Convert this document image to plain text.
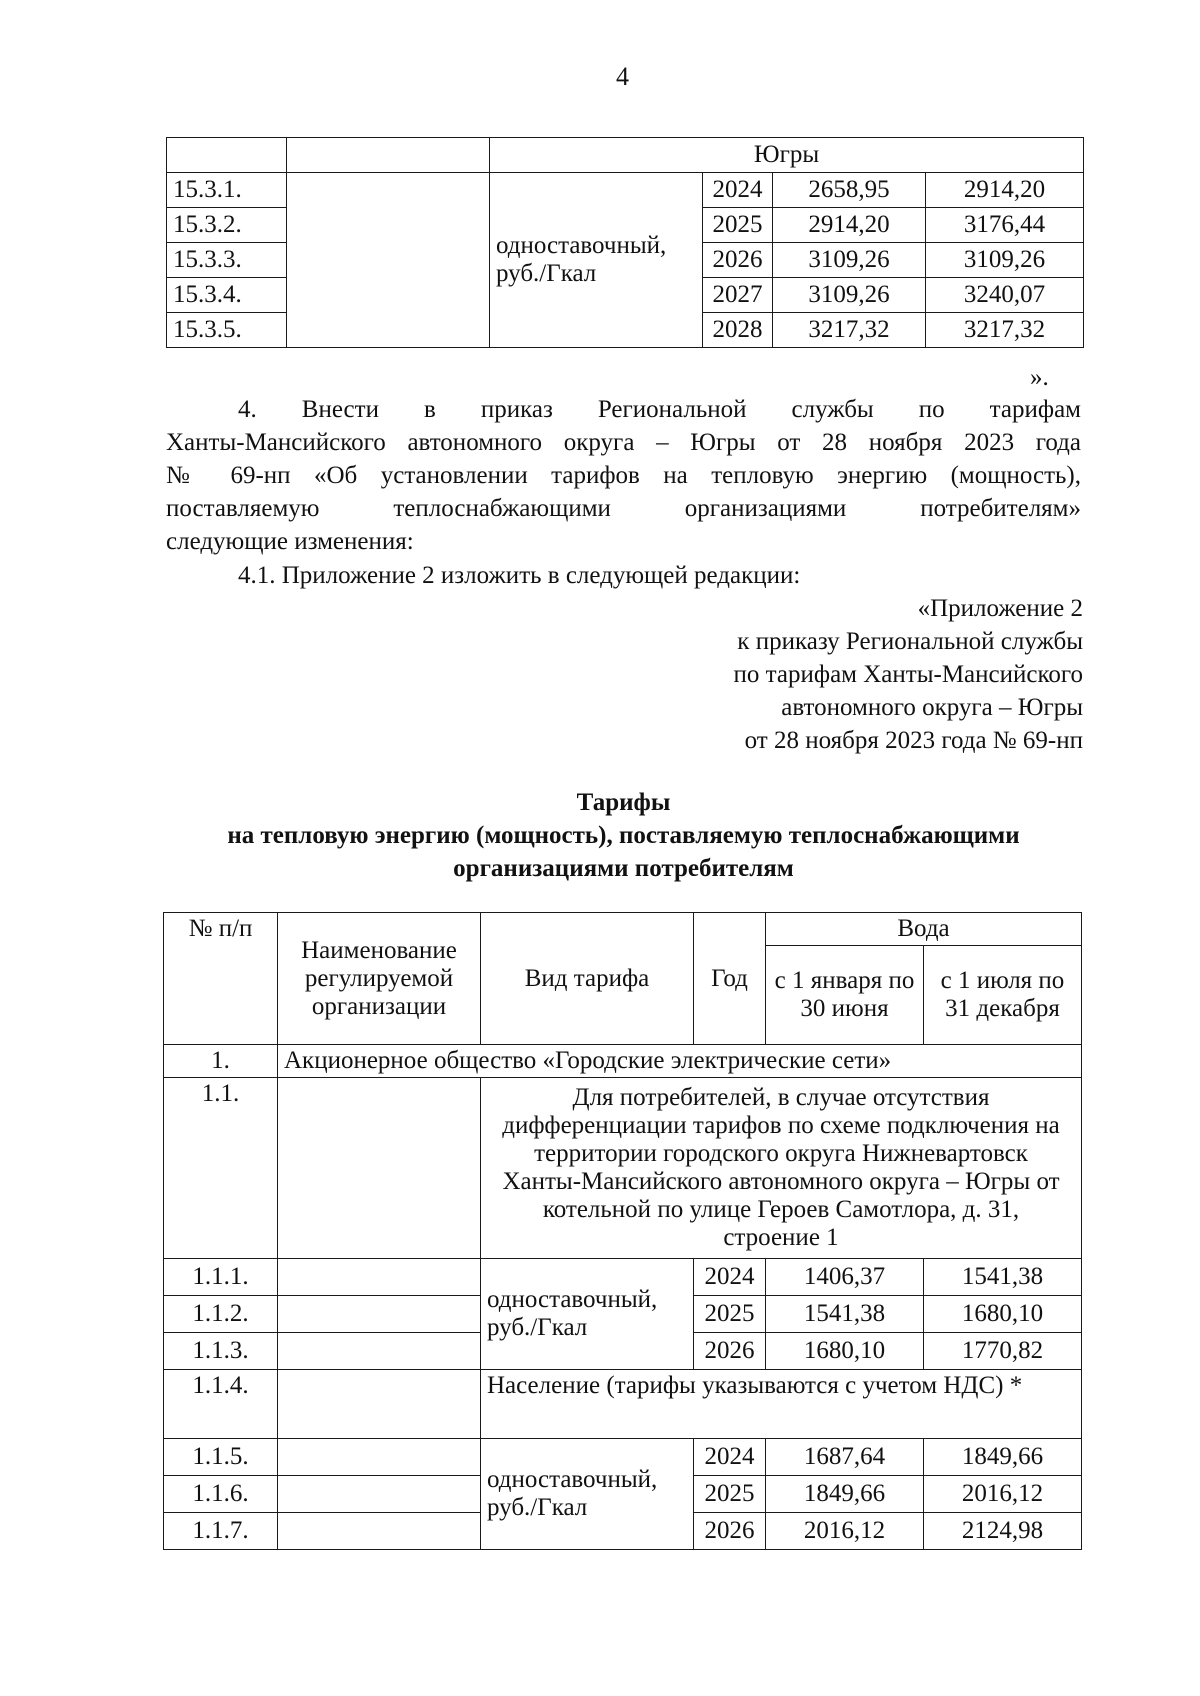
4
		Югры			
15.3.1.		одноставочный, руб./Гкал	2024	2658,95	2914,20
15.3.2.			2025	2914,20	3176,44
15.3.3.			2026	3109,26	3109,26
15.3.4.			2027	3109,26	3240,07
15.3.5.			2028	3217,32	3217,32
».
4. Внести в приказ Региональной службы по тарифам
Ханты-Мансийского автономного округа – Югры от 28 ноября 2023 года
№ 69-нп «Об установлении тарифов на тепловую энергию (мощность),
поставляемую теплоснабжающими организациями потребителям»
следующие изменения:
4.1. Приложение 2 изложить в следующей редакции:
«Приложение 2
к приказу Региональной службы
по тарифам Ханты-Мансийского
автономного округа – Югры
от 28 ноября 2023 года № 69-нп
Тарифы
на тепловую энергию (мощность), поставляемую теплоснабжающими
организациями потребителям
№ п/п	Наименование регулируемой организации	Вид тарифа	Год	Вода	
				с 1 января по 30 июня	с 1 июля по 31 декабря
1.	Акционерное общество «Городские электрические сети»				
1.1.		Для потребителей, в случае отсутствия дифференциации тарифов по схеме подключения на территории городского округа Нижневартовск Ханты-Мансийского автономного округа – Югры от котельной по улице Героев Самотлора, д. 31, строение 1			
1.1.1.		одноставочный, руб./Гкал	2024	1406,37	1541,38
1.1.2.			2025	1541,38	1680,10
1.1.3.			2026	1680,10	1770,82
1.1.4.		Население (тарифы указываются с учетом НДС) *			
1.1.5.		одноставочный, руб./Гкал	2024	1687,64	1849,66
1.1.6.			2025	1849,66	2016,12
1.1.7.			2026	2016,12	2124,98
